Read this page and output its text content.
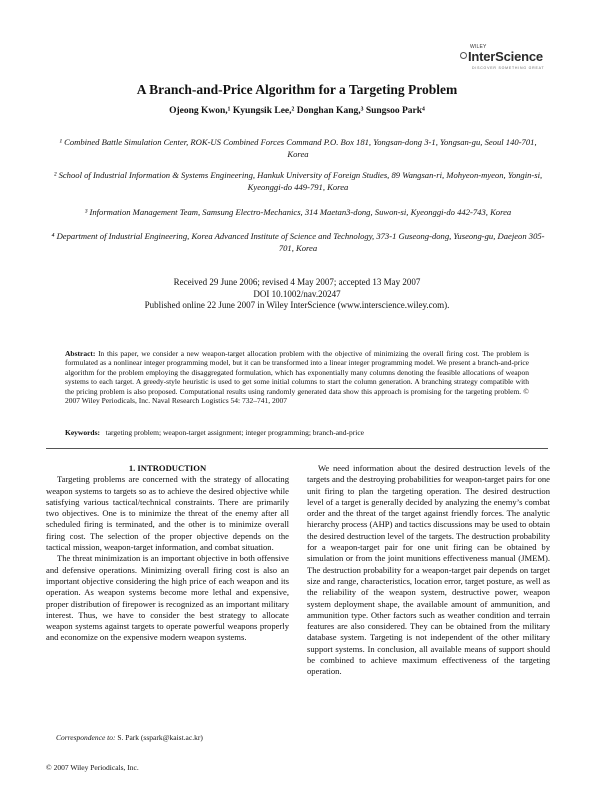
WILEY
InterScience
DISCOVER SOMETHING GREAT
A Branch-and-Price Algorithm for a Targeting Problem
Ojeong Kwon,¹ Kyungsik Lee,² Donghan Kang,³ Sungsoo Park⁴
¹ Combined Battle Simulation Center, ROK-US Combined Forces Command P.O. Box 181, Yongsan-dong 3-1, Yongsan-gu, Seoul 140-701, Korea
² School of Industrial Information & Systems Engineering, Hankuk University of Foreign Studies, 89 Wangsan-ri, Mohyeon-myeon, Yongin-si, Kyeonggi-do 449-791, Korea
³ Information Management Team, Samsung Electro-Mechanics, 314 Maetan3-dong, Suwon-si, Kyeonggi-do 442-743, Korea
⁴ Department of Industrial Engineering, Korea Advanced Institute of Science and Technology, 373-1 Guseong-dong, Yuseong-gu, Daejeon 305-701, Korea
Received 29 June 2006; revised 4 May 2007; accepted 13 May 2007
DOI 10.1002/nav.20247
Published online 22 June 2007 in Wiley InterScience (www.interscience.wiley.com).
Abstract: In this paper, we consider a new weapon-target allocation problem with the objective of minimizing the overall firing cost. The problem is formulated as a nonlinear integer programming model, but it can be transformed into a linear integer programming model. We present a branch-and-price algorithm for the problem employing the disaggregated formulation, which has exponentially many columns denoting the feasible allocations of weapon systems to each target. A greedy-style heuristic is used to get some initial columns to start the column generation. A branching strategy compatible with the pricing problem is also proposed. Computational results using randomly generated data show this approach is promising for the targeting problem. © 2007 Wiley Periodicals, Inc. Naval Research Logistics 54: 732–741, 2007
Keywords: targeting problem; weapon-target assignment; integer programming; branch-and-price

1. INTRODUCTION

Targeting problems are concerned with the strategy of allocating weapon systems to targets so as to achieve the desired objective while satisfying various tactical/technical constraints. There are primarily two objectives. One is to minimize the threat of the enemy after all scheduled firing is terminated, and the other is to minimize overall firing cost. The selection of the proper objective depends on the tactical mission, weapon-target information, and combat situation.

The threat minimization is an important objective in both offensive and defensive operations. Minimizing overall firing cost is also an important objective considering the high price of each weapon and its operation. As weapon systems become more lethal and expensive, proper distribution of firepower is recognized as an important military interest. Thus, we have to consider the best strategy to allocate weapon systems against targets to operate powerful weapons properly and economize on the expensive modern weapon systems.

We need information about the desired destruction levels of the targets and the destroying probabilities for weapon-target pairs for one unit firing to plan the targeting operation. The desired destruction level of a target is generally decided by analyzing the enemy’s combat order and the threat of the target against friendly forces. The analytic hierarchy process (AHP) and tactics discussions may be used to obtain the desired destruction level of the targets. The destruction probability for a weapon-target pair for one unit firing can be obtained by simulation or from the joint munitions effectiveness manual (JMEM). The destruction probability for a weapon-target pair depends on target size and range, characteristics, location error, target posture, as well as the reliability of the weapon system, destructive power, weapon system deployment shape, the available amount of ammunition, and ammunition type. Other factors such as weather condition and terrain features are also considered. They can be obtained from the military database system. Targeting is not independent of the other military support systems. In conclusion, all available means of support should be combined to achieve maximum effectiveness of the targeting operation.

Correspondence to: S. Park (sspark@kaist.ac.kr)
© 2007 Wiley Periodicals, Inc.
